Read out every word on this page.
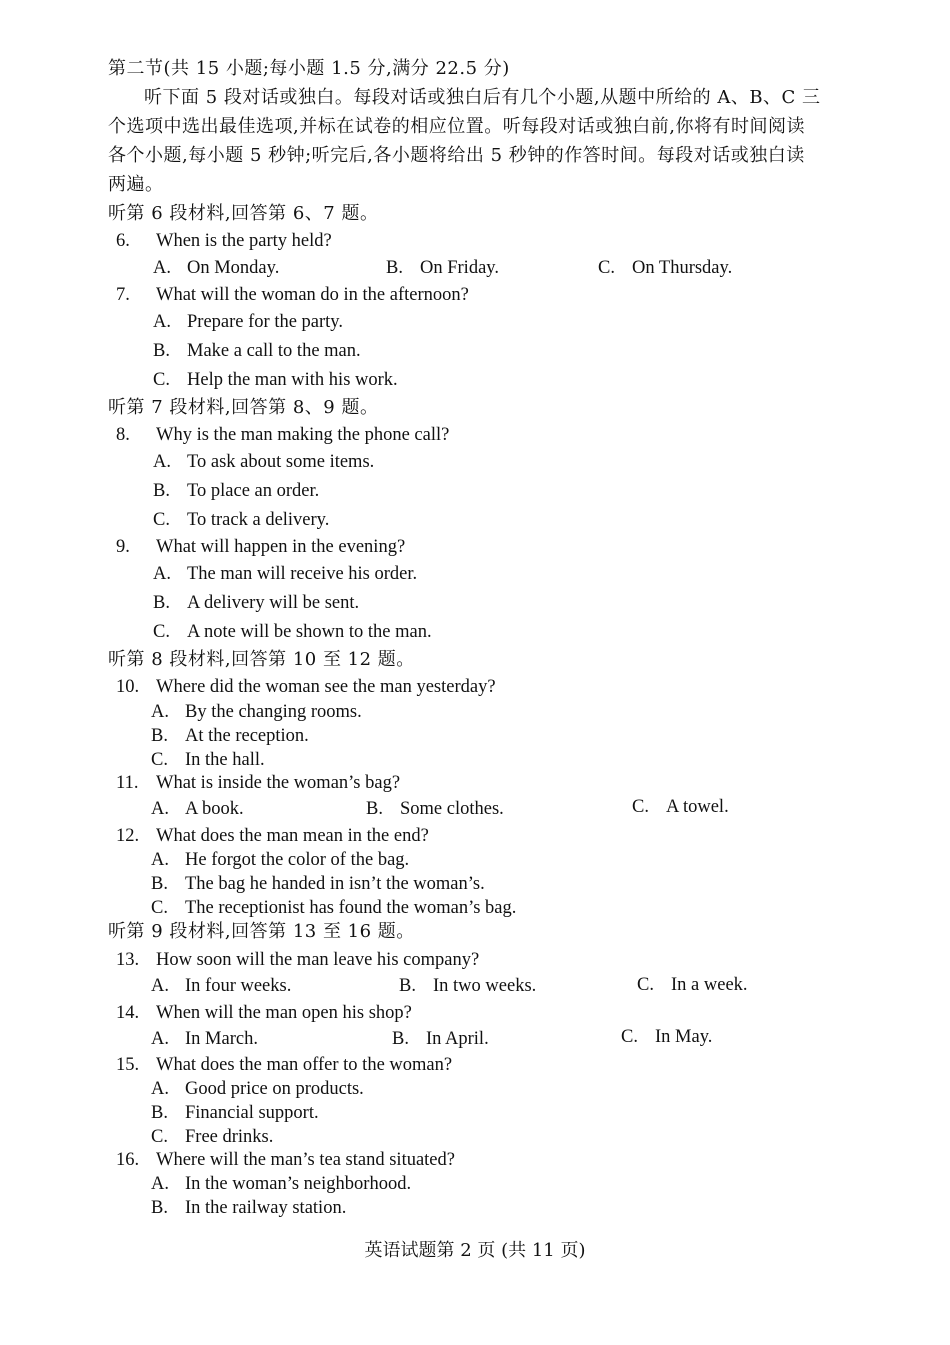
第二节(共 15 小题;每小题 1.5 分,满分 22.5 分)
听下面 5 段对话或独白。每段对话或独白后有几个小题,从题中所给的 A、B、C 三
个选项中选出最佳选项,并标在试卷的相应位置。听每段对话或独白前,你将有时间阅读
各个小题,每小题 5 秒钟;听完后,各小题将给出 5 秒钟的作答时间。每段对话或独白读
两遍。
听第 6 段材料,回答第 6、7 题。
6. When is the party held?
A. On Monday.	B. On Friday.	C. On Thursday.
7. What will the woman do in the afternoon?
A. Prepare for the party.
B. Make a call to the man.
C. Help the man with his work.
听第 7 段材料,回答第 8、9 题。
8. Why is the man making the phone call?
A. To ask about some items.
B. To place an order.
C. To track a delivery.
9. What will happen in the evening?
A. The man will receive his order.
B. A delivery will be sent.
C. A note will be shown to the man.
听第 8 段材料,回答第 10 至 12 题。
10. Where did the woman see the man yesterday?
A. By the changing rooms.
B. At the reception.
C. In the hall.
11. What is inside the woman’s bag?
A. A book.	B. Some clothes.	C. A towel.
12. What does the man mean in the end?
A. He forgot the color of the bag.
B. The bag he handed in isn’t the woman’s.
C. The receptionist has found the woman’s bag.
听第 9 段材料,回答第 13 至 16 题。
13. How soon will the man leave his company?
A. In four weeks.	B. In two weeks.	C. In a week.
14. When will the man open his shop?
A. In March.	B. In April.	C. In May.
15. What does the man offer to the woman?
A. Good price on products.
B. Financial support.
C. Free drinks.
16. Where will the man’s tea stand situated?
A. In the woman’s neighborhood.
B. In the railway station.
英语试题第 2 页 (共 11 页)
